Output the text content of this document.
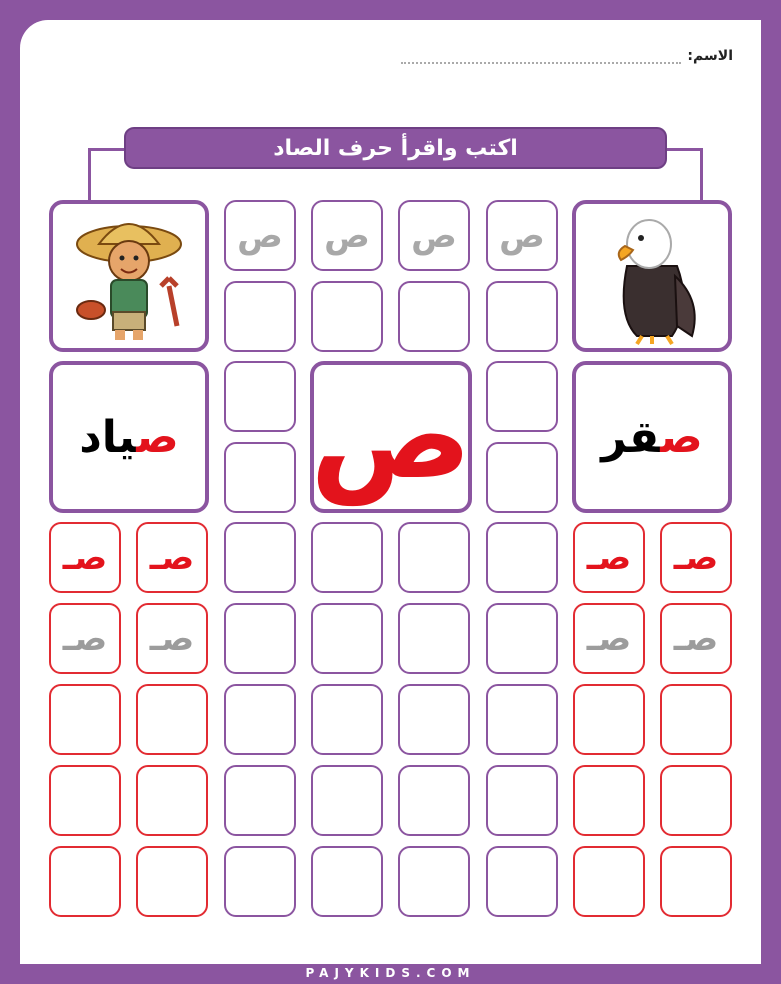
الاسم:
اكتب واقرأ حرف الصاد
صياد	صقر
ص
ص ص ص ص
صـ صـ	صـ صـ
صـ صـ	صـ صـ
PAJYKIDS.COM
